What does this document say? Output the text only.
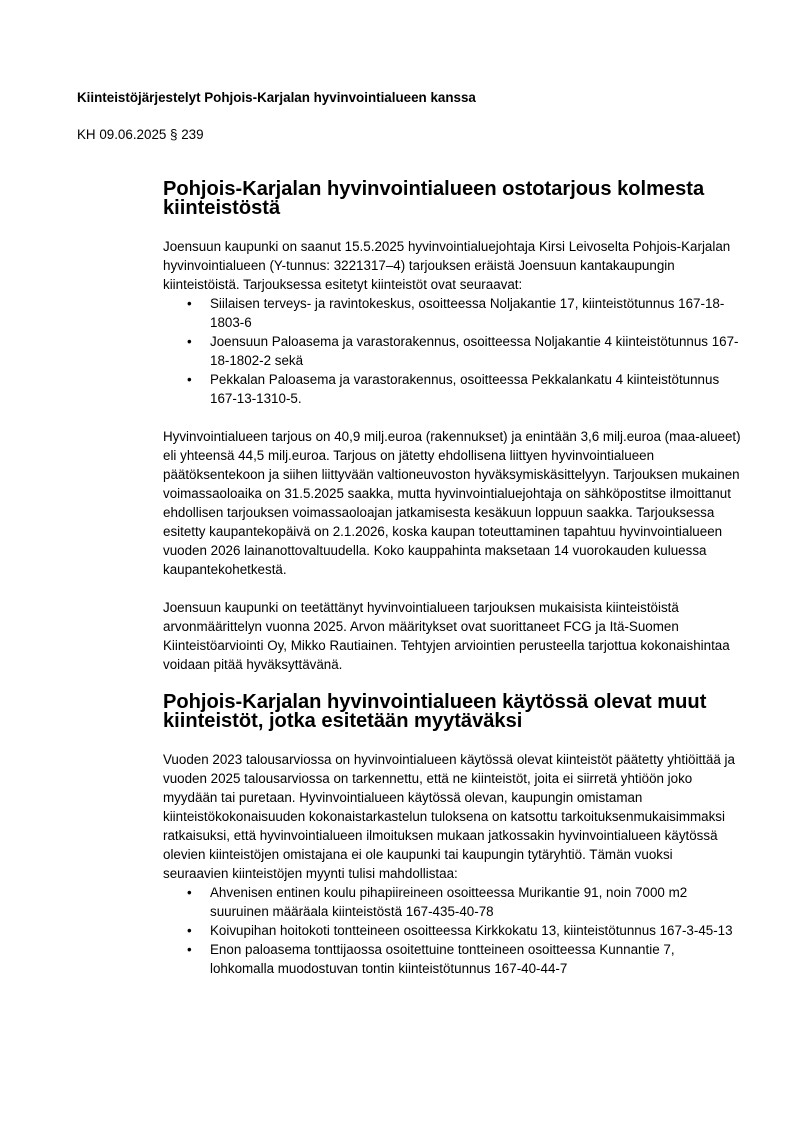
Kiinteistöjärjestelyt Pohjois-Karjalan hyvinvointialueen kanssa

KH 09.06.2025 § 239

Pohjois-Karjalan hyvinvointialueen ostotarjous kolmesta kiinteistöstä

Joensuun kaupunki on saanut 15.5.2025 hyvinvointialuejohtaja Kirsi Leivoselta Pohjois-Karjalan hyvinvointialueen (Y-tunnus: 3221317–4) tarjouksen eräistä Joensuun kantakaupungin kiinteistöistä. Tarjouksessa esitetyt kiinteistöt ovat seuraavat:

• Siilaisen terveys- ja ravintokeskus, osoitteessa Noljakantie 17, kiinteistötunnus 167-18-1803-6
• Joensuun Paloasema ja varastorakennus, osoitteessa Noljakantie 4 kiinteistötunnus 167-18-1802-2 sekä
• Pekkalan Paloasema ja varastorakennus, osoitteessa Pekkalankatu 4 kiinteistötunnus 167-13-1310-5.

Hyvinvointialueen tarjous on 40,9 milj.euroa (rakennukset) ja enintään 3,6 milj.euroa (maa-alueet) eli yhteensä 44,5 milj.euroa. Tarjous on jätetty ehdollisena liittyen hyvinvointialueen päätöksentekoon ja siihen liittyvään valtioneuvoston hyväksymiskäsittelyyn. Tarjouksen mukainen voimassaoloaika on 31.5.2025 saakka, mutta hyvinvointialuejohtaja on sähköpostitse ilmoittanut ehdollisen tarjouksen voimassaoloajan jatkamisesta kesäkuun loppuun saakka. Tarjouksessa esitetty kaupantekopäivä on 2.1.2026, koska kaupan toteuttaminen tapahtuu hyvinvointialueen vuoden 2026 lainanottovaltuudella. Koko kauppahinta maksetaan 14 vuorokauden kuluessa kaupantekohetkestä.

Joensuun kaupunki on teetättänyt hyvinvointialueen tarjouksen mukaisista kiinteistöistä arvonmäärittelyn vuonna 2025. Arvon määritykset ovat suorittaneet FCG ja Itä-Suomen Kiinteistöarviointi Oy, Mikko Rautiainen. Tehtyjen arviointien perusteella tarjottua kokonaishintaa voidaan pitää hyväksyttävänä.

Pohjois-Karjalan hyvinvointialueen käytössä olevat muut kiinteistöt, jotka esitetään myytäväksi

Vuoden 2023 talousarviossa on hyvinvointialueen käytössä olevat kiinteistöt päätetty yhtiöittää ja vuoden 2025 talousarviossa on tarkennettu, että ne kiinteistöt, joita ei siirretä yhtiöön joko myydään tai puretaan. Hyvinvointialueen käytössä olevan, kaupungin omistaman kiinteistökokonaisuuden kokonaistarkastelun tuloksena on katsottu tarkoituksenmukaisimmaksi ratkaisuksi, että hyvinvointialueen ilmoituksen mukaan jatkossakin hyvinvointialueen käytössä olevien kiinteistöjen omistajana ei ole kaupunki tai kaupungin tytäryhtiö. Tämän vuoksi seuraavien kiinteistöjen myynti tulisi mahdollistaa:

• Ahvenisen entinen koulu pihapiireineen osoitteessa Murikantie 91, noin 7000 m2 suuruinen määräala kiinteistöstä 167-435-40-78
• Koivupihan hoitokoti tontteineen osoitteessa Kirkkokatu 13, kiinteistötunnus 167-3-45-13
• Enon paloasema tonttijaossa osoitettuine tontteineen osoitteessa Kunnantie 7, lohkomalla muodostuvan tontin kiinteistötunnus 167-40-44-7
